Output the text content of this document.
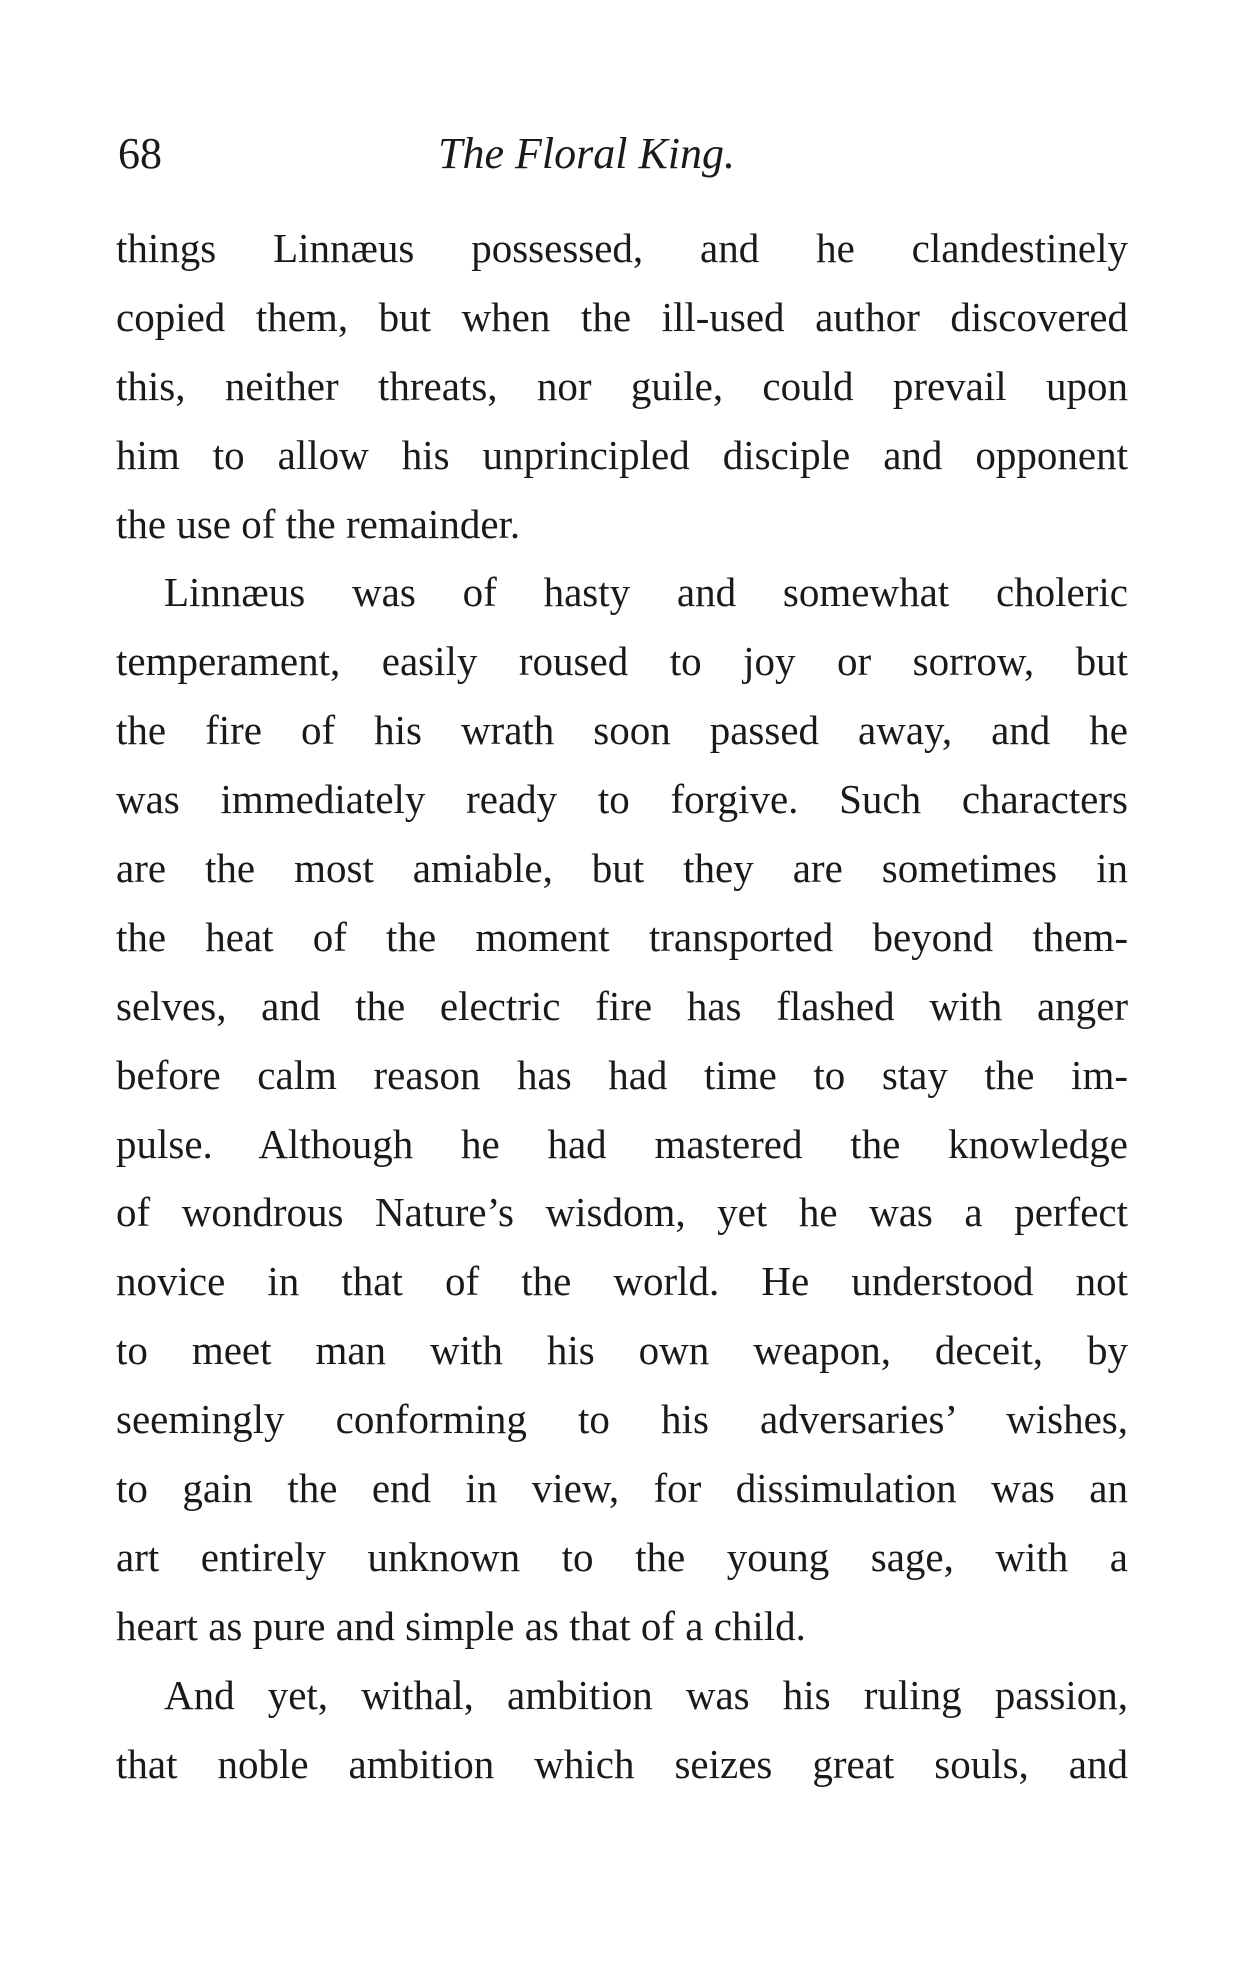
68	The Floral King.
things Linnæus possessed, and he clandestinely
copied them, but when the ill-used author discovered
this, neither threats, nor guile, could prevail upon
him to allow his unprincipled disciple and opponent
the use of the remainder.
Linnæus was of hasty and somewhat choleric
temperament, easily roused to joy or sorrow, but
the fire of his wrath soon passed away, and he
was immediately ready to forgive. Such characters
are the most amiable, but they are sometimes in
the heat of the moment transported beyond them-
selves, and the electric fire has flashed with anger
before calm reason has had time to stay the im-
pulse. Although he had mastered the knowledge
of wondrous Nature’s wisdom, yet he was a perfect
novice in that of the world. He understood not
to meet man with his own weapon, deceit, by
seemingly conforming to his adversaries’ wishes,
to gain the end in view, for dissimulation was an
art entirely unknown to the young sage, with a
heart as pure and simple as that of a child.
And yet, withal, ambition was his ruling passion,
that noble ambition which seizes great souls, and
